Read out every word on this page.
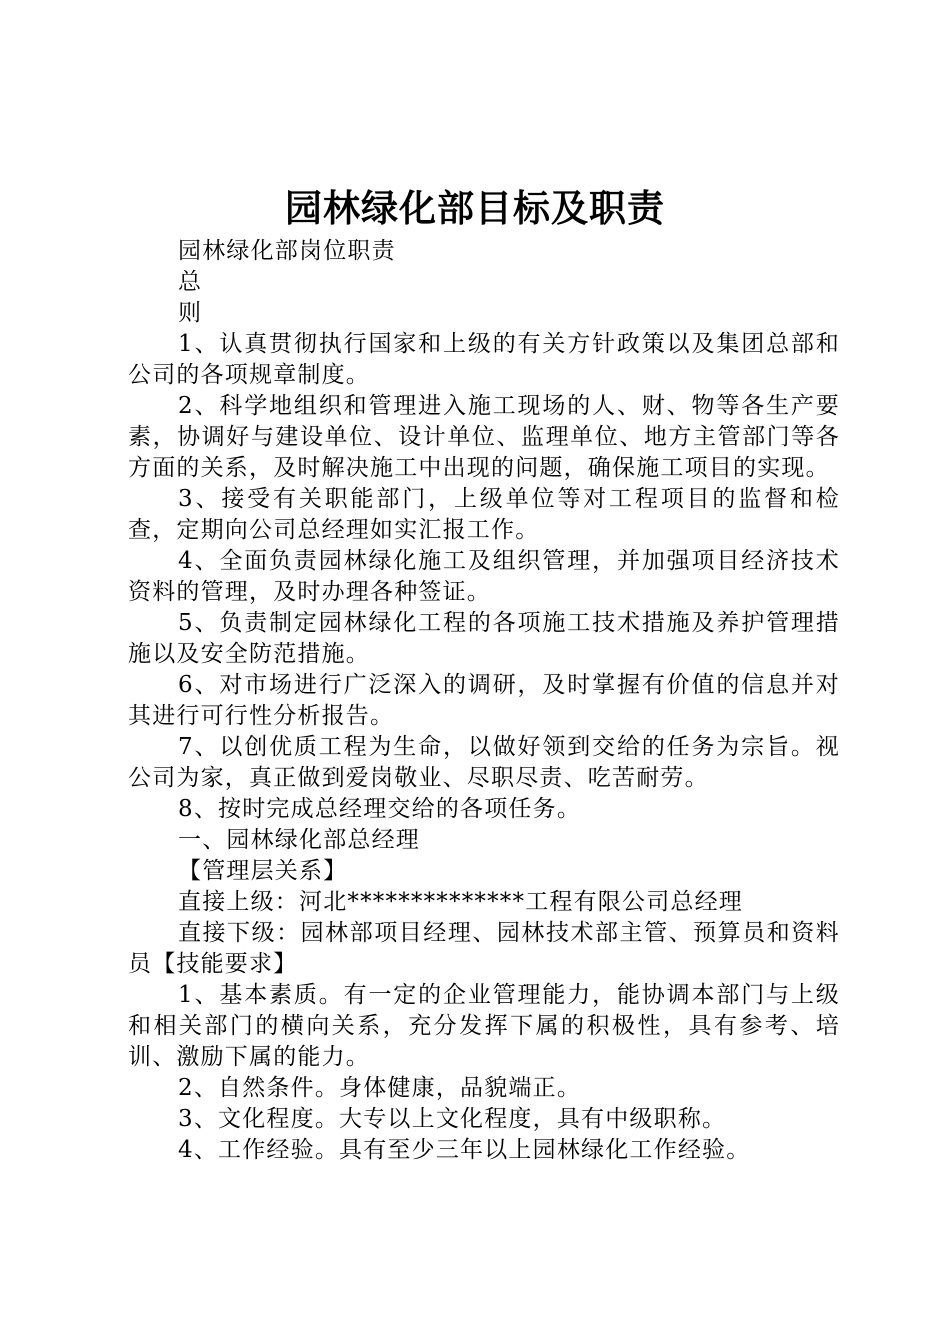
园林绿化部目标及职责

园林绿化部岗位职责

总

则

1、认真贯彻执行国家和上级的有关方针政策以及集团总部和公司的各项规章制度。

2、科学地组织和管理进入施工现场的人、财、物等各生产要素，协调好与建设单位、设计单位、监理单位、地方主管部门等各方面的关系，及时解决施工中出现的问题，确保施工项目的实现。

3、接受有关职能部门，上级单位等对工程项目的监督和检查，定期向公司总经理如实汇报工作。

4、全面负责园林绿化施工及组织管理，并加强项目经济技术资料的管理，及时办理各种签证。

5、负责制定园林绿化工程的各项施工技术措施及养护管理措施以及安全防范措施。

6、对市场进行广泛深入的调研，及时掌握有价值的信息并对其进行可行性分析报告。

7、以创优质工程为生命，以做好领到交给的任务为宗旨。视公司为家，真正做到爱岗敬业、尽职尽责、吃苦耐劳。

8、按时完成总经理交给的各项任务。

一、园林绿化部总经理

【管理层关系】

直接上级：河北**************工程有限公司总经理

直接下级：园林部项目经理、园林技术部主管、预算员和资料员【技能要求】

1、基本素质。有一定的企业管理能力，能协调本部门与上级和相关部门的横向关系，充分发挥下属的积极性，具有参考、培训、激励下属的能力。

2、自然条件。身体健康，品貌端正。

3、文化程度。大专以上文化程度，具有中级职称。

4、工作经验。具有至少三年以上园林绿化工作经验。
